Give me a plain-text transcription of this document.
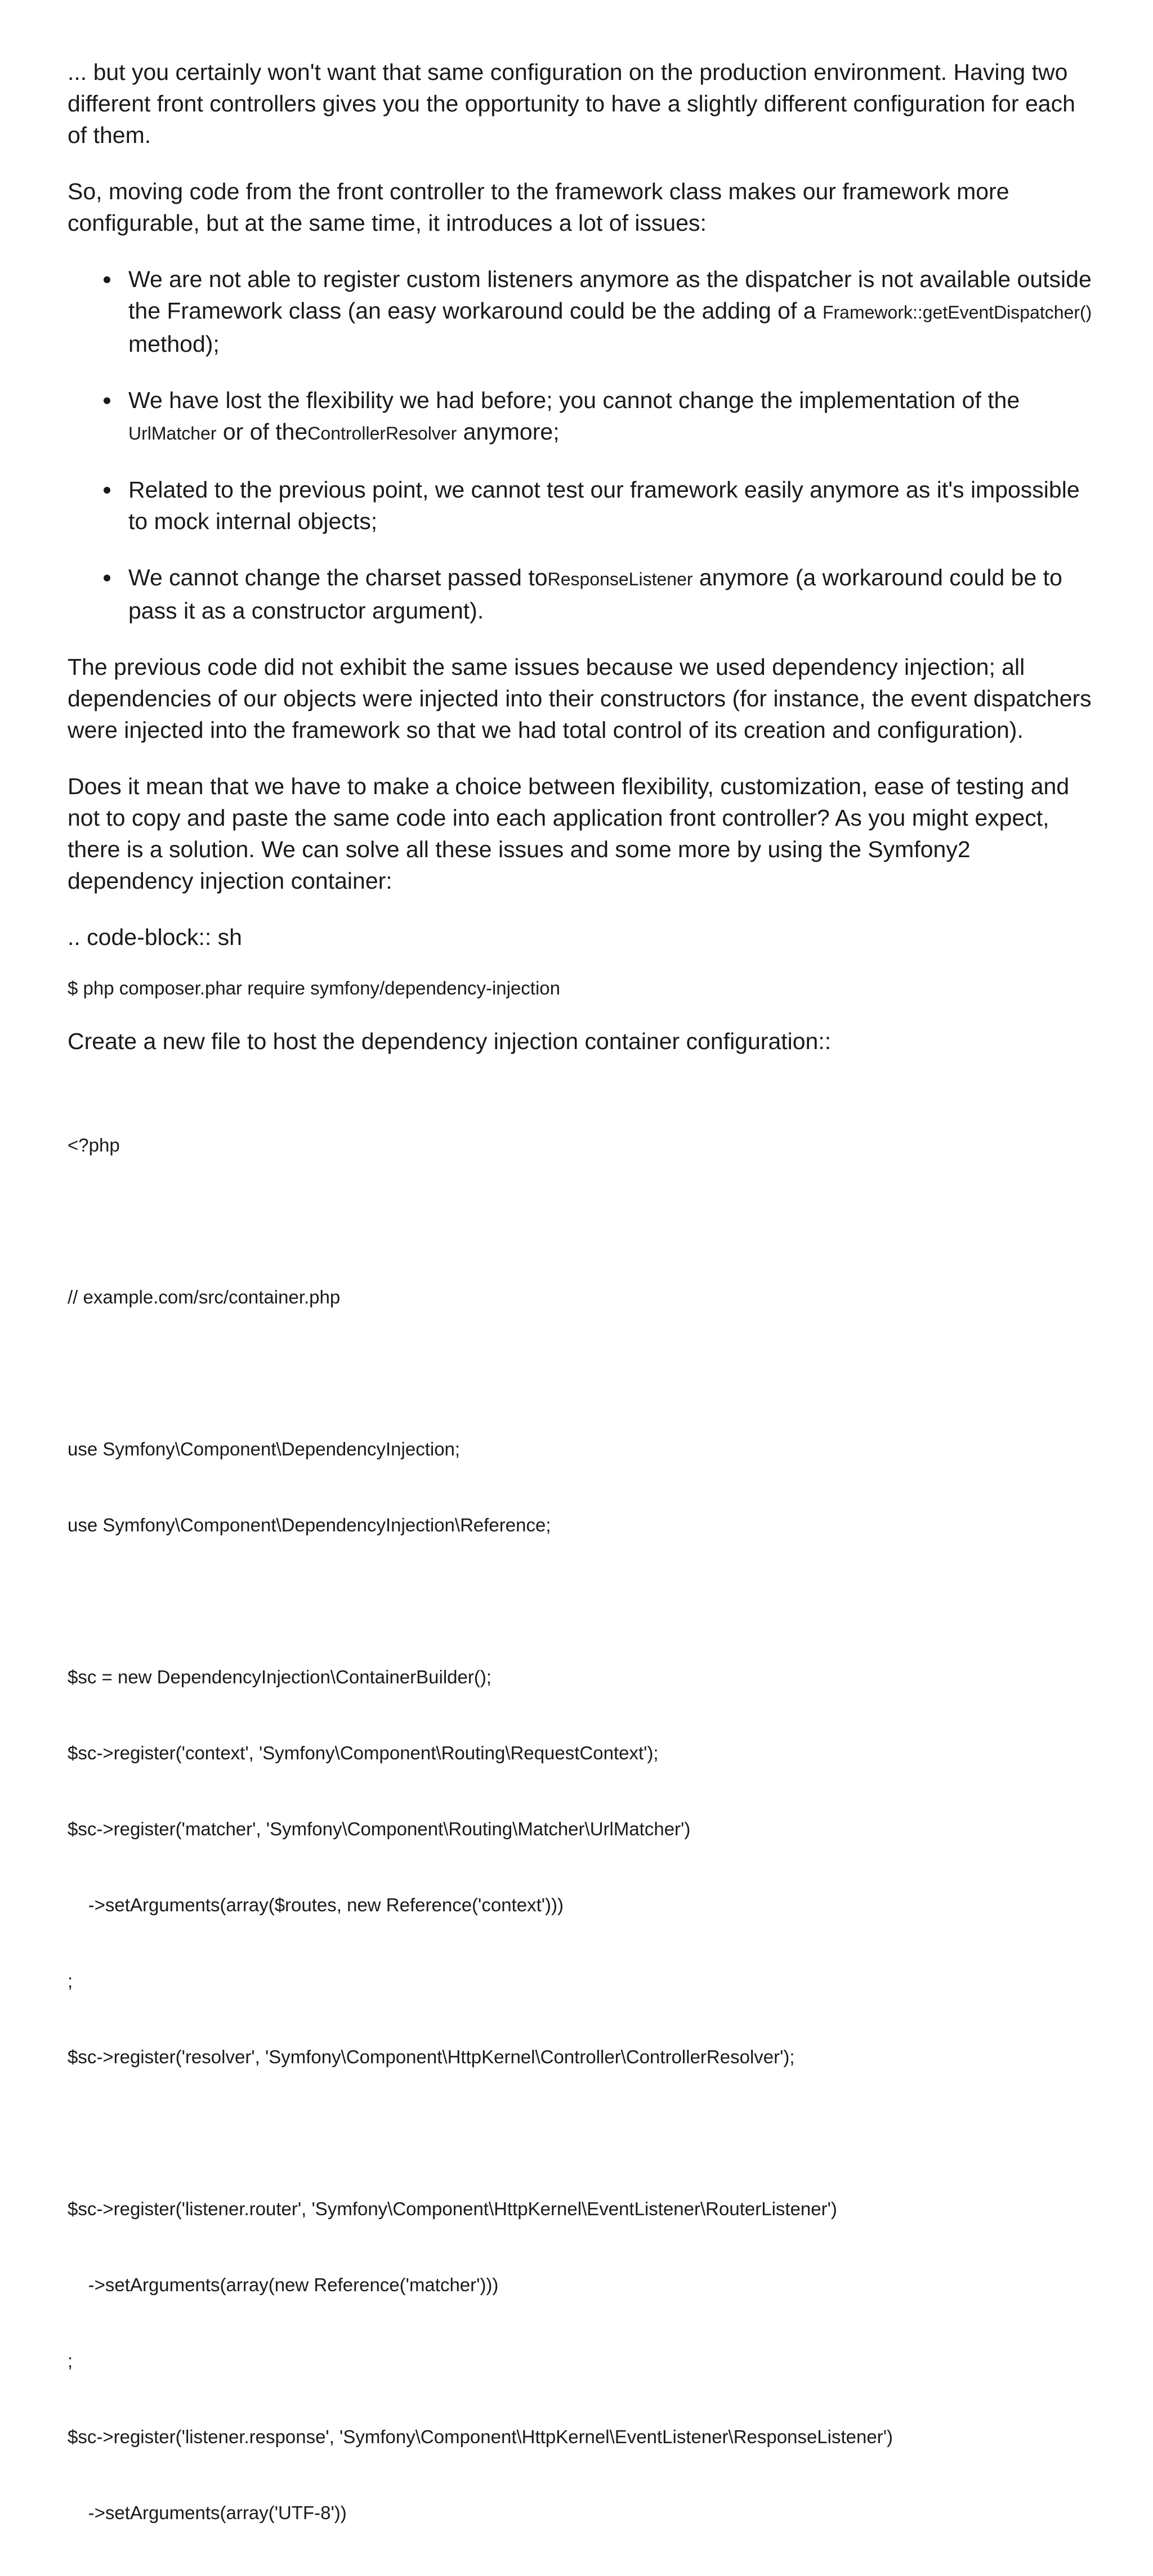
... but you certainly won't want that same configuration on the production environment. Having two different front controllers gives you the opportunity to have a slightly different configuration for each of them.

So, moving code from the front controller to the framework class makes our framework more configurable, but at the same time, it introduces a lot of issues:

We are not able to register custom listeners anymore as the dispatcher is not available outside the Framework class (an easy workaround could be the adding of a Framework::getEventDispatcher() method);
We have lost the flexibility we had before; you cannot change the implementation of the UrlMatcher or of theControllerResolver anymore;
Related to the previous point, we cannot test our framework easily anymore as it's impossible to mock internal objects;
We cannot change the charset passed toResponseListener anymore (a workaround could be to pass it as a constructor argument).

The previous code did not exhibit the same issues because we used dependency injection; all dependencies of our objects were injected into their constructors (for instance, the event dispatchers were injected into the framework so that we had total control of its creation and configuration).

Does it mean that we have to make a choice between flexibility, customization, ease of testing and not to copy and paste the same code into each application front controller? As you might expect, there is a solution. We can solve all these issues and some more by using the Symfony2 dependency injection container:

.. code-block:: sh

$ php composer.phar require symfony/dependency-injection

Create a new file to host the dependency injection container configuration::

<?php

// example.com/src/container.php

use Symfony\Component\DependencyInjection;

use Symfony\Component\DependencyInjection\Reference;

$sc = new DependencyInjection\ContainerBuilder();

$sc->register('context', 'Symfony\Component\Routing\RequestContext');

$sc->register('matcher', 'Symfony\Component\Routing\Matcher\UrlMatcher')

->setArguments(array($routes, new Reference('context')))

;

$sc->register('resolver', 'Symfony\Component\HttpKernel\Controller\ControllerResolver');

$sc->register('listener.router', 'Symfony\Component\HttpKernel\EventListener\RouterListener')

->setArguments(array(new Reference('matcher')))

;

$sc->register('listener.response', 'Symfony\Component\HttpKernel\EventListener\ResponseListener')

->setArguments(array('UTF-8'))
